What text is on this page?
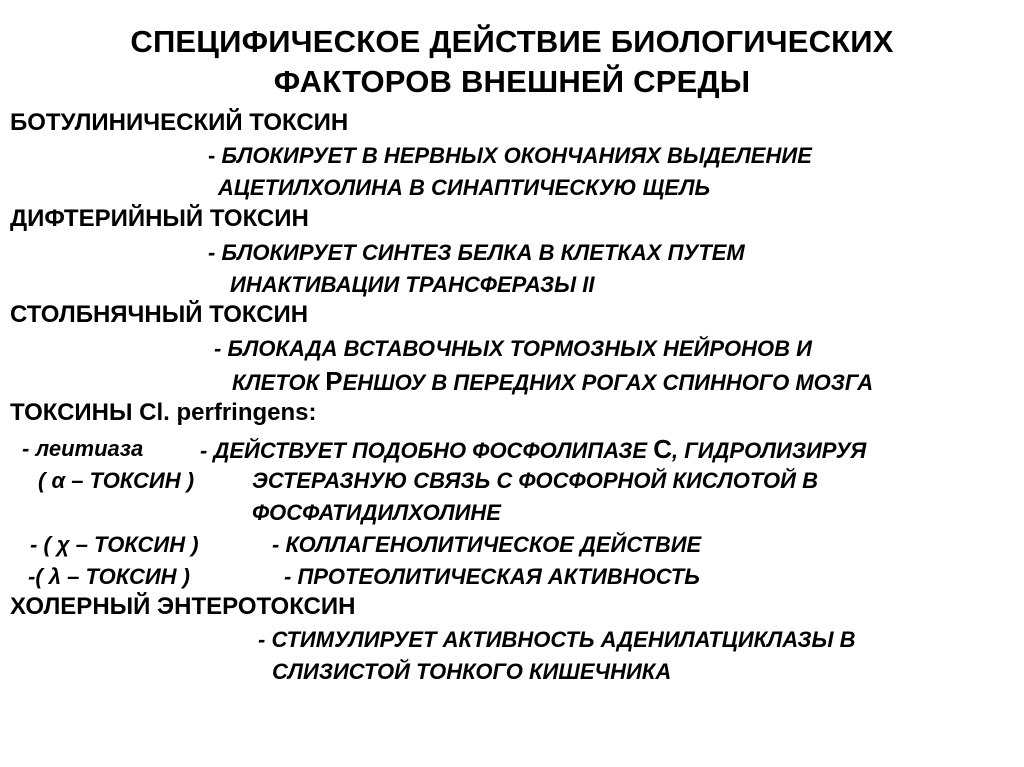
СПЕЦИФИЧЕСКОЕ ДЕЙСТВИЕ БИОЛОГИЧЕСКИХ
ФАКТОРОВ ВНЕШНЕЙ СРЕДЫ
БОТУЛИНИЧЕСКИЙ ТОКСИН
- БЛОКИРУЕТ В НЕРВНЫХ ОКОНЧАНИЯХ ВЫДЕЛЕНИЕ
АЦЕТИЛХОЛИНА В СИНАПТИЧЕСКУЮ ЩЕЛЬ
ДИФТЕРИЙНЫЙ ТОКСИН
- БЛОКИРУЕТ СИНТЕЗ БЕЛКА В КЛЕТКАХ ПУТЕМ
ИНАКТИВАЦИИ ТРАНСФЕРАЗЫ II
СТОЛБНЯЧНЫЙ ТОКСИН
- БЛОКАДА ВСТАВОЧНЫХ ТОРМОЗНЫХ НЕЙРОНОВ И
КЛЕТОК РЕНШОУ В ПЕРЕДНИХ РОГАХ СПИННОГО МОЗГА
ТОКСИНЫ Cl. perfringens:
- леитиаза	- ДЕЙСТВУЕТ ПОДОБНО ФОСФОЛИПАЗЕ С, ГИДРОЛИЗИРУЯ
( α – ТОКСИН )	ЭСТЕРАЗНУЮ СВЯЗЬ С ФОСФОРНОЙ КИСЛОТОЙ В
ФОСФАТИДИЛХОЛИНЕ
- ( χ – ТОКСИН )	- КОЛЛАГЕНОЛИТИЧЕСКОЕ ДЕЙСТВИЕ
-( λ – ТОКСИН )	- ПРОТЕОЛИТИЧЕСКАЯ АКТИВНОСТЬ
ХОЛЕРНЫЙ ЭНТЕРОТОКСИН
- СТИМУЛИРУЕТ АКТИВНОСТЬ АДЕНИЛАТЦИКЛАЗЫ В
СЛИЗИСТОЙ ТОНКОГО КИШЕЧНИКА
